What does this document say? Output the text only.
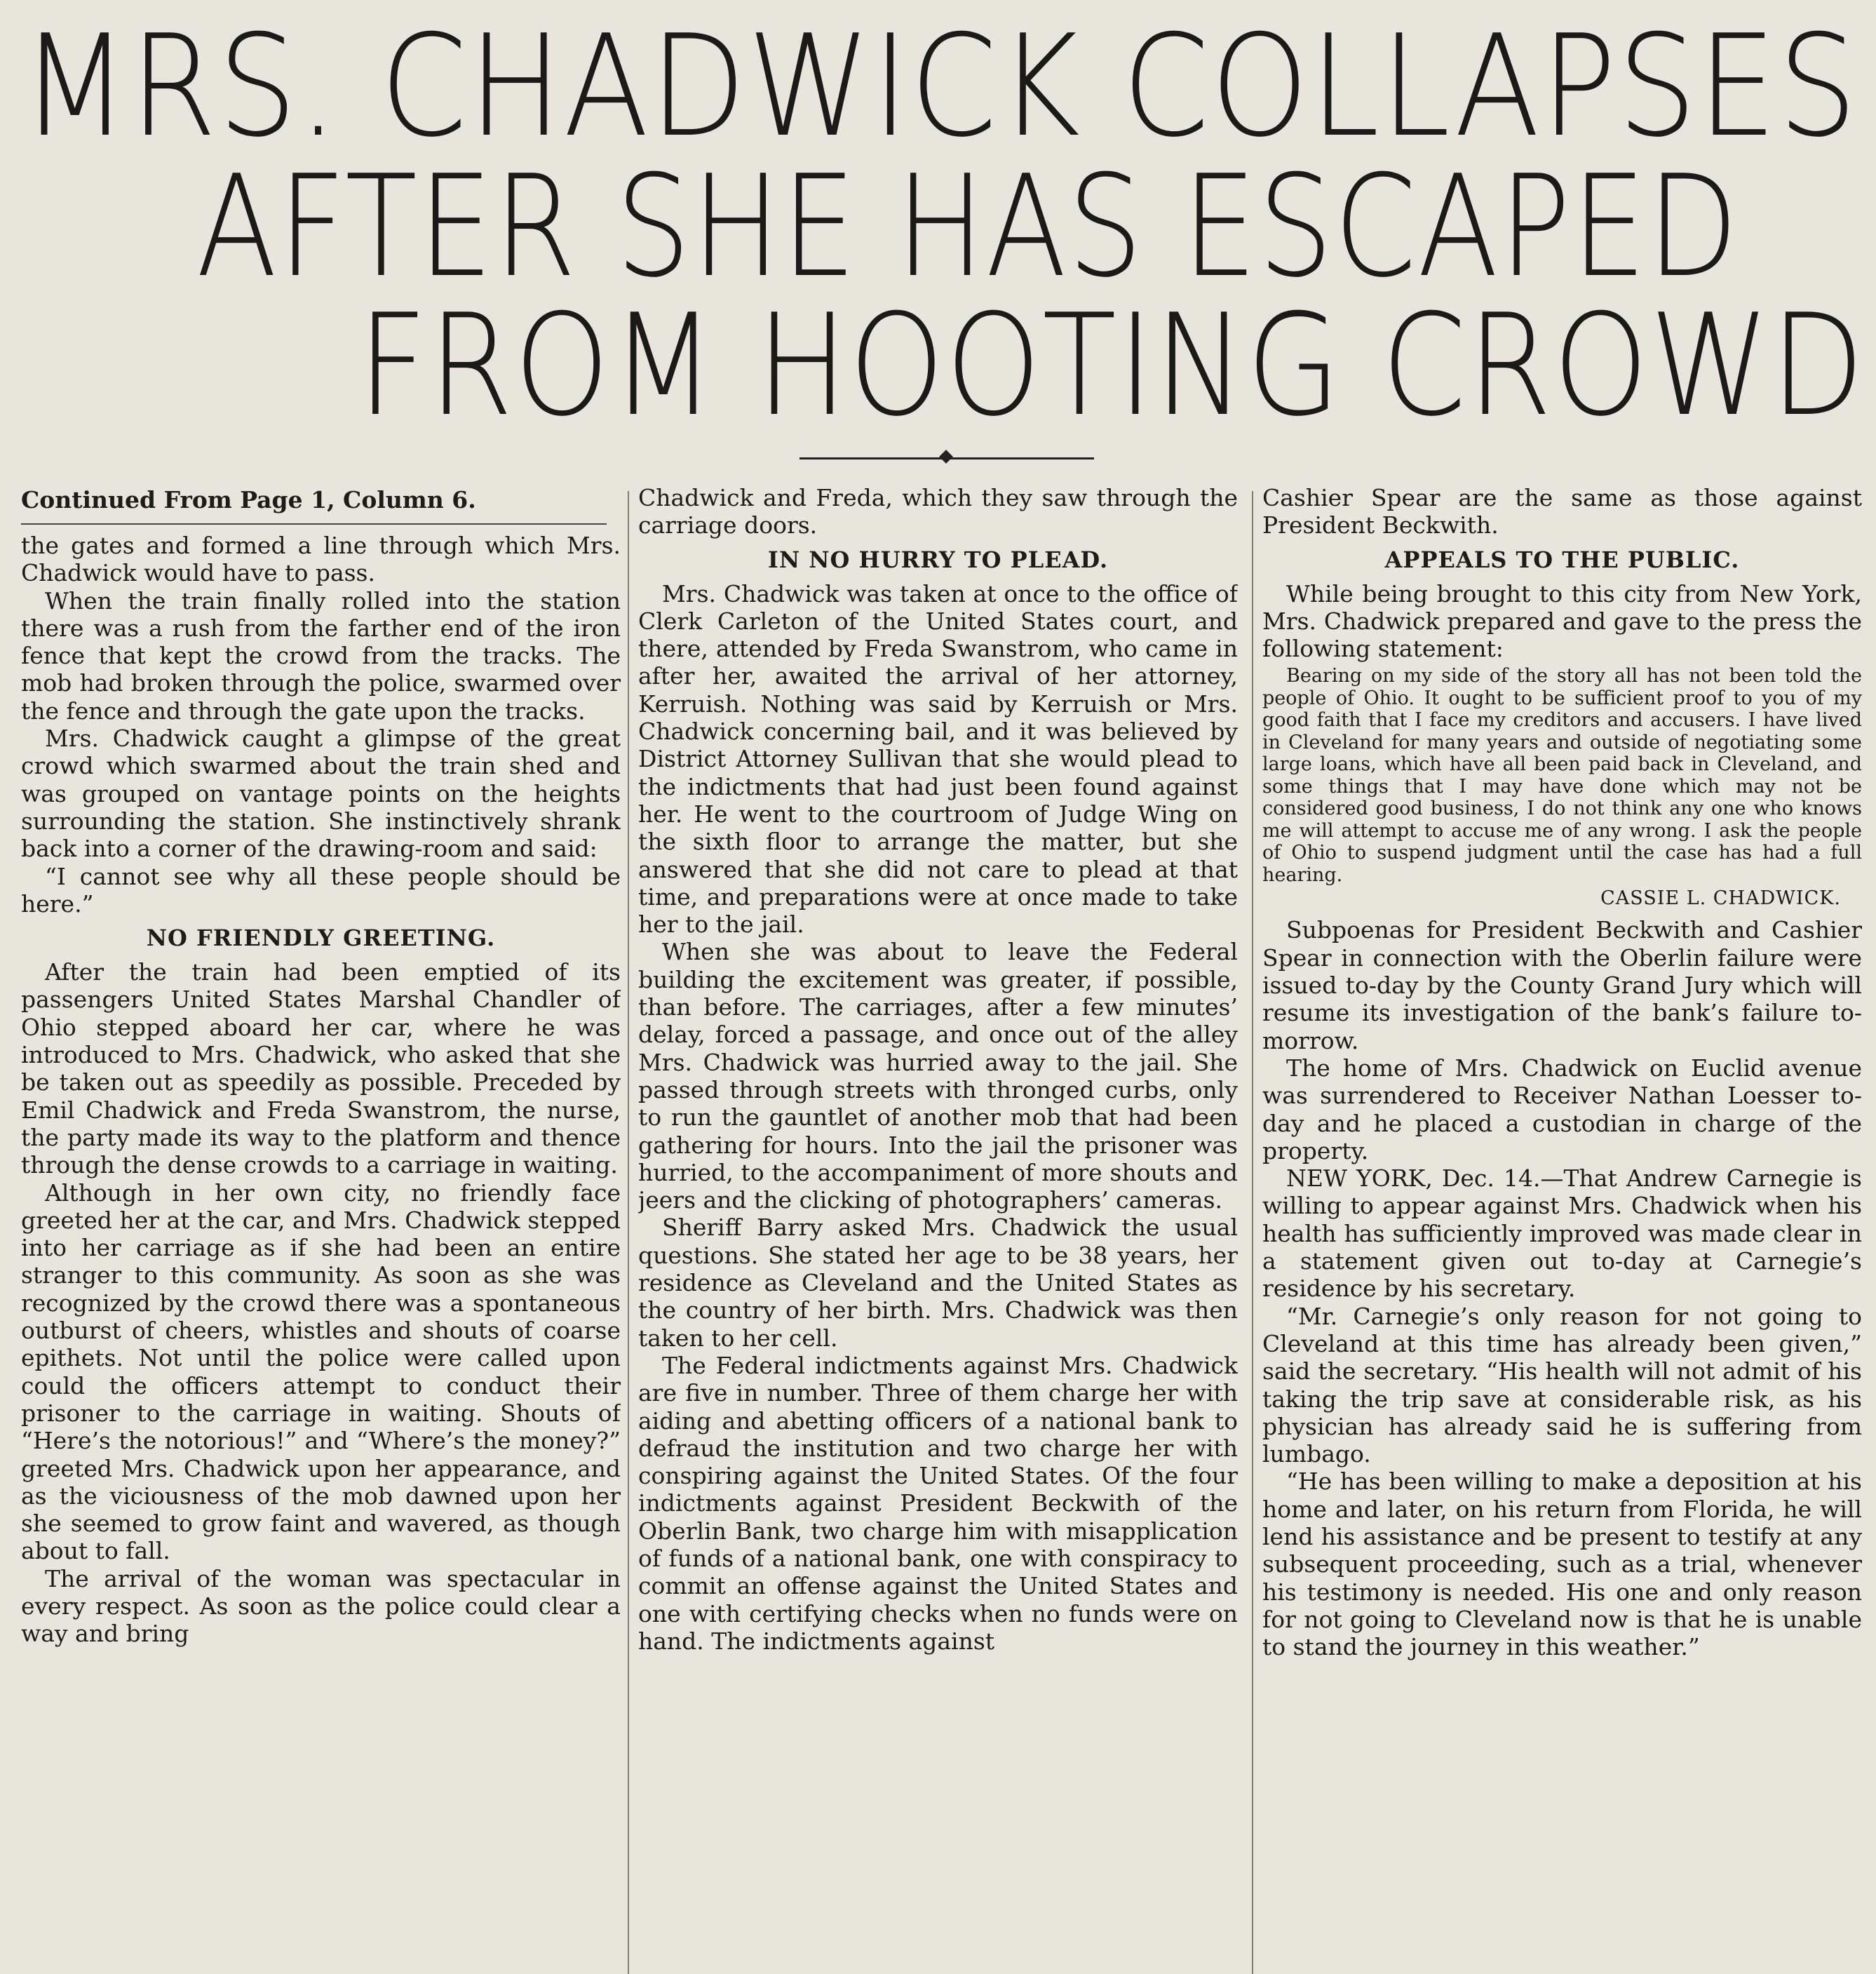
MRS. CHADWICK COLLAPSES
AFTER SHE HAS ESCAPED
FROM HOOTING CROWD

Continued From Page 1, Column 6.

the gates and formed a line through which Mrs. Chadwick would have to pass.

When the train finally rolled into the station there was a rush from the farther end of the iron fence that kept the crowd from the tracks. The mob had broken through the police, swarmed over the fence and through the gate upon the tracks.

Mrs. Chadwick caught a glimpse of the great crowd which swarmed about the train shed and was grouped on vantage points on the heights surrounding the station. She instinctively shrank back into a corner of the drawing-room and said:

“I cannot see why all these people should be here.”

NO FRIENDLY GREETING.

After the train had been emptied of its passengers United States Marshal Chandler of Ohio stepped aboard her car, where he was introduced to Mrs. Chadwick, who asked that she be taken out as speedily as possible. Preceded by Emil Chadwick and Freda Swanstrom, the nurse, the party made its way to the platform and thence through the dense crowds to a carriage in waiting.

Although in her own city, no friendly face greeted her at the car, and Mrs. Chadwick stepped into her carriage as if she had been an entire stranger to this community. As soon as she was recognized by the crowd there was a spontaneous outburst of cheers, whistles and shouts of coarse epithets. Not until the police were called upon could the officers attempt to conduct their prisoner to the carriage in waiting. Shouts of “Here’s the notorious!” and “Where’s the money?” greeted Mrs. Chadwick upon her appearance, and as the viciousness of the mob dawned upon her she seemed to grow faint and wavered, as though about to fall.

The arrival of the woman was spectacular in every respect. As soon as the police could clear a way and bring

Chadwick and Freda, which they saw through the carriage doors.

IN NO HURRY TO PLEAD.

Mrs. Chadwick was taken at once to the office of Clerk Carleton of the United States court, and there, attended by Freda Swanstrom, who came in after her, awaited the arrival of her attorney, Kerruish. Nothing was said by Kerruish or Mrs. Chadwick concerning bail, and it was believed by District Attorney Sullivan that she would plead to the indictments that had just been found against her. He went to the courtroom of Judge Wing on the sixth floor to arrange the matter, but she answered that she did not care to plead at that time, and preparations were at once made to take her to the jail.

When she was about to leave the Federal building the excitement was greater, if possible, than before. The carriages, after a few minutes’ delay, forced a passage, and once out of the alley Mrs. Chadwick was hurried away to the jail. She passed through streets with thronged curbs, only to run the gauntlet of another mob that had been gathering for hours. Into the jail the prisoner was hurried, to the accompaniment of more shouts and jeers and the clicking of photographers’ cameras.

Sheriff Barry asked Mrs. Chadwick the usual questions. She stated her age to be 38 years, her residence as Cleveland and the United States as the country of her birth. Mrs. Chadwick was then taken to her cell.

The Federal indictments against Mrs. Chadwick are five in number. Three of them charge her with aiding and abetting officers of a national bank to defraud the institution and two charge her with conspiring against the United States. Of the four indictments against President Beckwith of the Oberlin Bank, two charge him with misapplication of funds of a national bank, one with conspiracy to commit an offense against the United States and one with certifying checks when no funds were on hand. The indictments against

Cashier Spear are the same as those against President Beckwith.

APPEALS TO THE PUBLIC.

While being brought to this city from New York, Mrs. Chadwick prepared and gave to the press the following statement:

Bearing on my side of the story all has not been told the people of Ohio. It ought to be sufficient proof to you of my good faith that I face my creditors and accusers. I have lived in Cleveland for many years and outside of negotiating some large loans, which have all been paid back in Cleveland, and some things that I may have done which may not be considered good business, I do not think any one who knows me will attempt to accuse me of any wrong. I ask the people of Ohio to suspend judgment until the case has had a full hearing.

CASSIE L. CHADWICK.

Subpoenas for President Beckwith and Cashier Spear in connection with the Oberlin failure were issued to-day by the County Grand Jury which will resume its investigation of the bank’s failure to-morrow.

The home of Mrs. Chadwick on Euclid avenue was surrendered to Receiver Nathan Loesser to-day and he placed a custodian in charge of the property.

NEW YORK, Dec. 14.—That Andrew Carnegie is willing to appear against Mrs. Chadwick when his health has sufficiently improved was made clear in a statement given out to-day at Carnegie’s residence by his secretary.

“Mr. Carnegie’s only reason for not going to Cleveland at this time has already been given,” said the secretary. “His health will not admit of his taking the trip save at considerable risk, as his physician has already said he is suffering from lumbago.

“He has been willing to make a deposition at his home and later, on his return from Florida, he will lend his assistance and be present to testify at any subsequent proceeding, such as a trial, whenever his testimony is needed. His one and only reason for not going to Cleveland now is that he is unable to stand the journey in this weather.”
